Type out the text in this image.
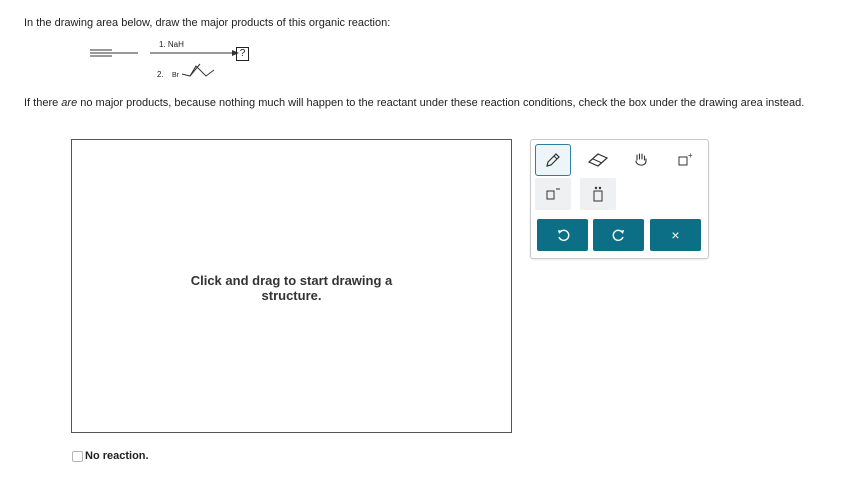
In the drawing area below, draw the major products of this organic reaction:
1. NaH
2. Br
?
If there are no major products, because nothing much will happen to the reactant under these reaction conditions, check the box under the drawing area instead.
Click and drag to start drawing a
structure.
+
×
No reaction.
